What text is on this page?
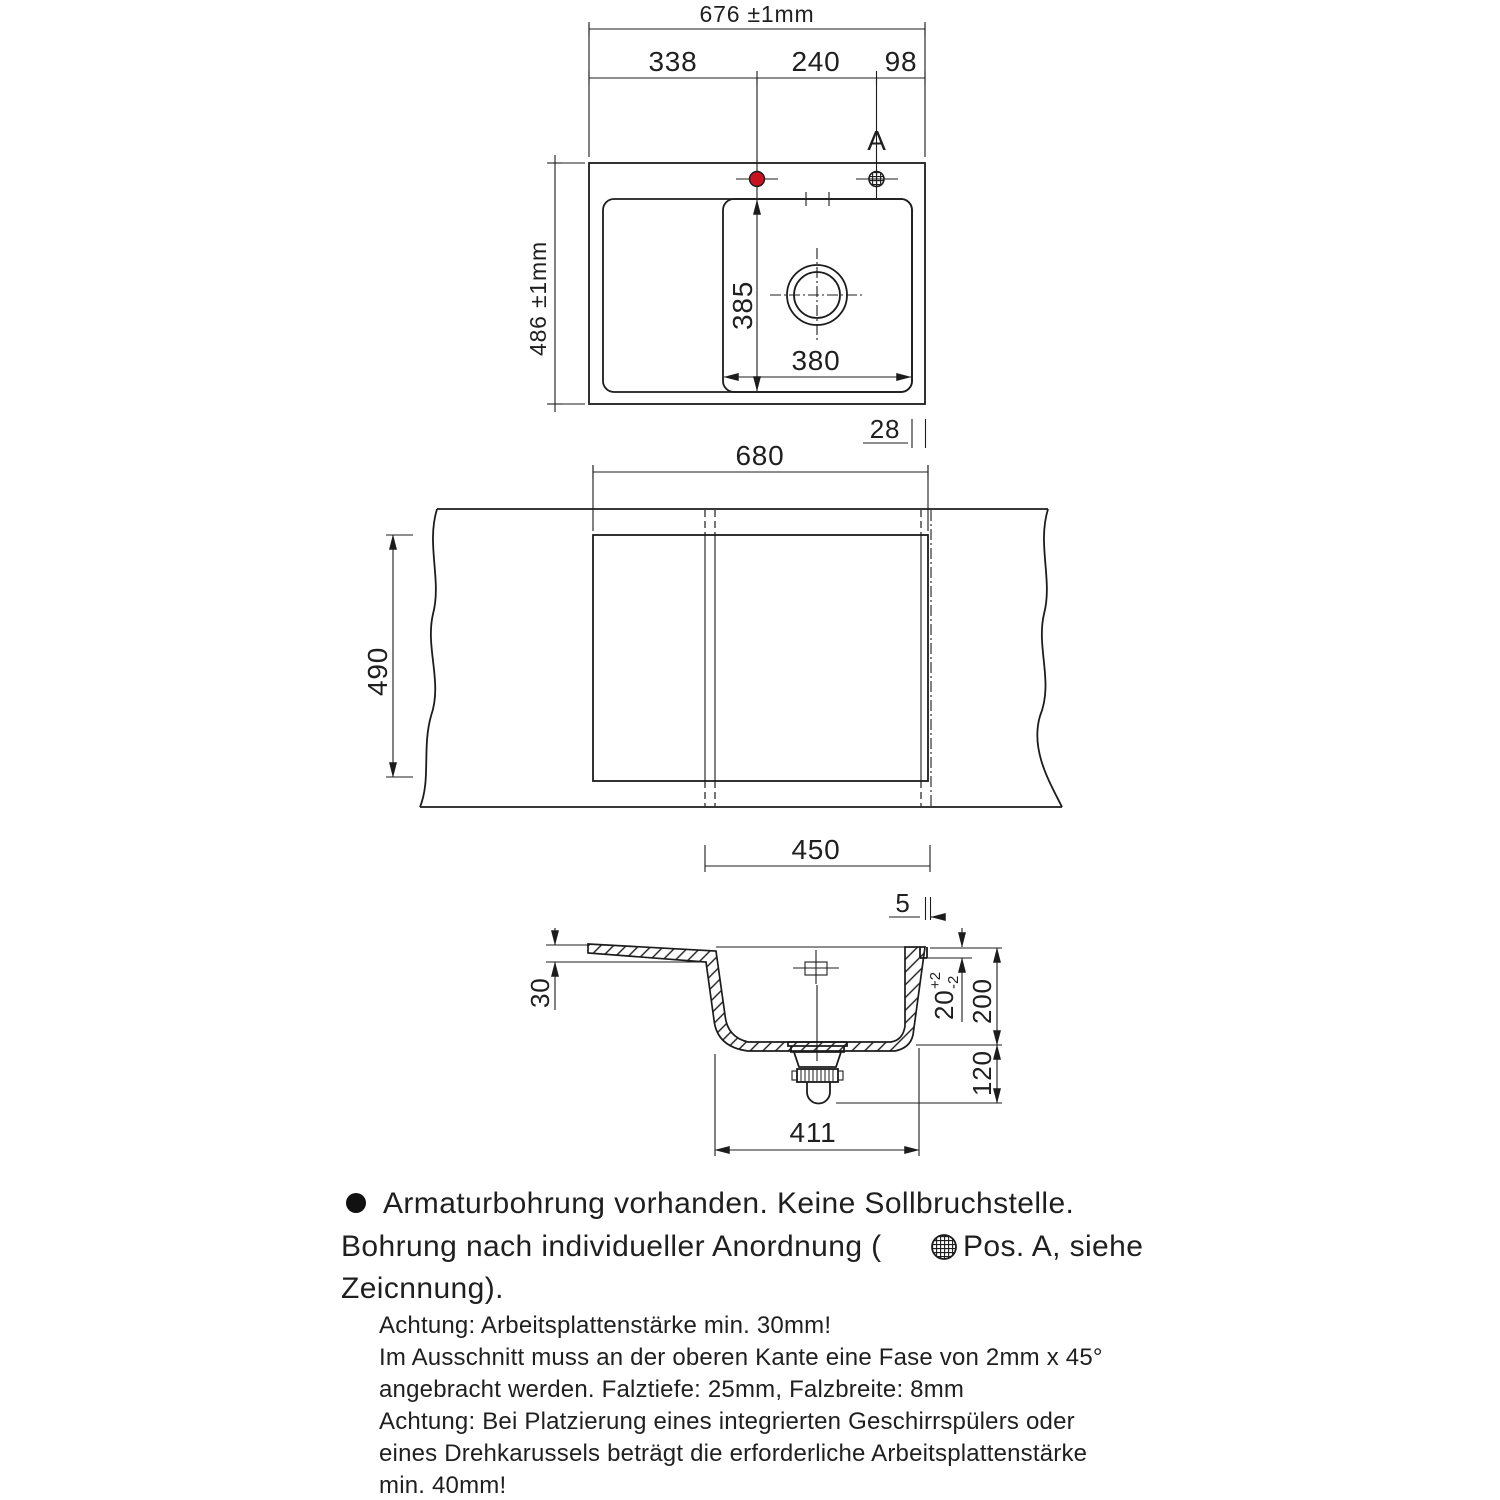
676 ±1mm
338	240 98
A
486 ±1mm	385
380
28
680
490
450
5
30	20
+2 -2 200
120
411
Armaturbohrung vorhanden. Keine Sollbruchstelle.
Bohrung nach individueller Anordnung (	Pos. A, siehe
Zeicnnung).
Achtung: Arbeitsplattenstärke min. 30mm!
Im Ausschnitt muss an der oberen Kante eine Fase von 2mm x 45°
angebracht werden. Falztiefe: 25mm, Falzbreite: 8mm
Achtung: Bei Platzierung eines integrierten Geschirrspülers oder
eines Drehkarussels beträgt die erforderliche Arbeitsplattenstärke
min. 40mm!
